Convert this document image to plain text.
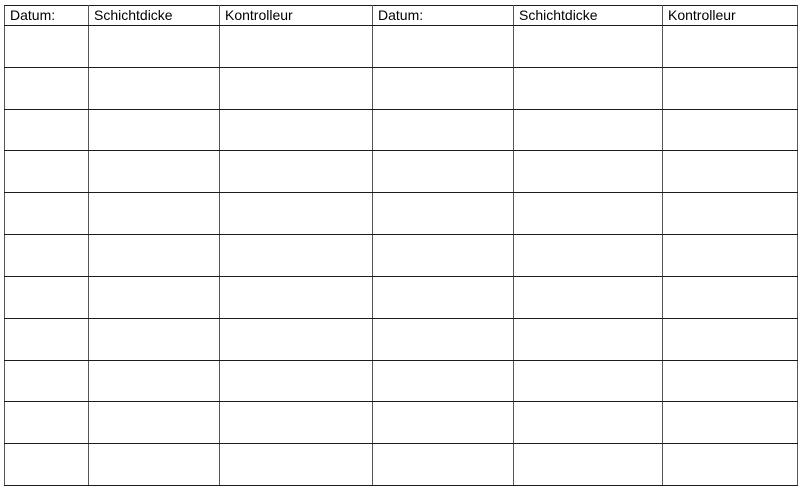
Datum:	Schichtdicke	Kontrolleur	Datum:	Schichtdicke	Kontrolleur
